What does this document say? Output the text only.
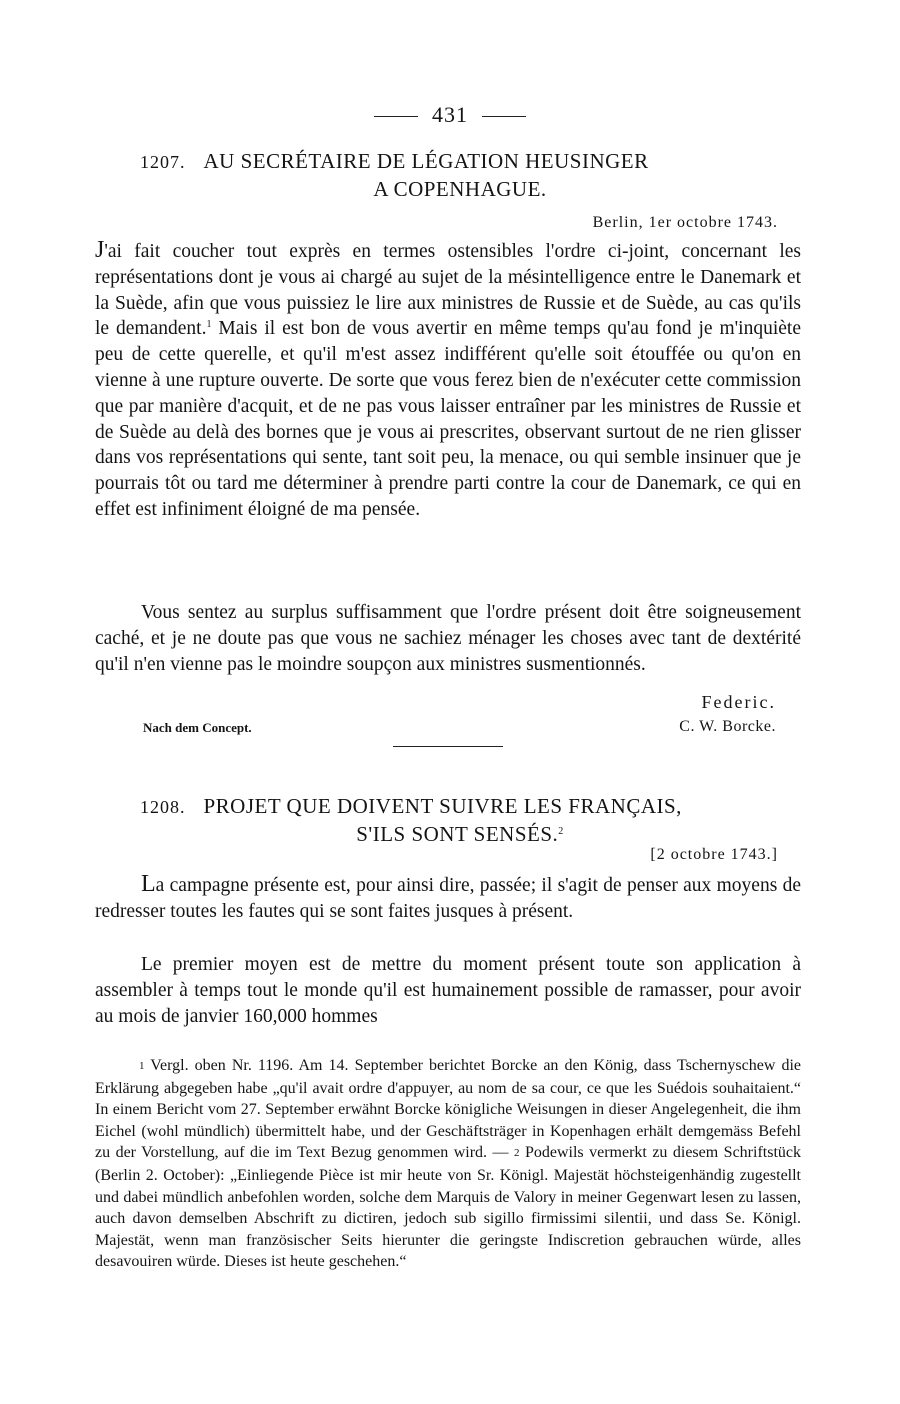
431
1207. AU SECRÉTAIRE DE LÉGATION HEUSINGER
A COPENHAGUE.
Berlin, 1er octobre 1743.

J'ai fait coucher tout exprès en termes ostensibles l'ordre ci-joint, concernant les représentations dont je vous ai chargé au sujet de la mésintelligence entre le Danemark et la Suède, afin que vous puissiez le lire aux ministres de Russie et de Suède, au cas qu'ils le demandent.$^1$ Mais il est bon de vous avertir en même temps qu'au fond je m'inquiète peu de cette querelle, et qu'il m'est assez indifférent qu'elle soit étouffée ou qu'on en vienne à une rupture ouverte. De sorte que vous ferez bien de n'exécuter cette commission que par manière d'acquit, et de ne pas vous laisser entraîner par les ministres de Russie et de Suède au delà des bornes que je vous ai prescrites, observant surtout de ne rien glisser dans vos représentations qui sente, tant soit peu, la menace, ou qui semble insinuer que je pourrais tôt ou tard me déterminer à prendre parti contre la cour de Danemark, ce qui en effet est infiniment éloigné de ma pensée.

Vous sentez au surplus suffisamment que l'ordre présent doit être soigneusement caché, et je ne doute pas que vous ne sachiez ménager les choses avec tant de dextérité qu'il n'en vienne pas le moindre soupçon aux ministres susmentionnés.

Federic.
Nach dem Concept.	C. W. Borcke.
1208. PROJET QUE DOIVENT SUIVRE LES FRANÇAIS,
S'ILS SONT SENSÉS.$^2$
[2 octobre 1743.]

La campagne présente est, pour ainsi dire, passée; il s'agit de penser aux moyens de redresser toutes les fautes qui se sont faites jusques à présent.

Le premier moyen est de mettre du moment présent toute son application à assembler à temps tout le monde qu'il est humainement possible de ramasser, pour avoir au mois de janvier 160,000 hommes

1 Vergl. oben Nr. 1196. Am 14. September berichtet Borcke an den König, dass Tschernyschew die Erklärung abgegeben habe „qu'il avait ordre d'appuyer, au nom de sa cour, ce que les Suédois souhaitaient.“ In einem Bericht vom 27. September erwähnt Borcke königliche Weisungen in dieser Angelegenheit, die ihm Eichel (wohl mündlich) übermittelt habe, und der Geschäftsträger in Kopenhagen erhält demgemäss Befehl zu der Vorstellung, auf die im Text Bezug genommen wird. — 2 Podewils vermerkt zu diesem Schriftstück (Berlin 2. October): „Einliegende Pièce ist mir heute von Sr. Königl. Majestät höchsteigenhändig zugestellt und dabei mündlich anbefohlen worden, solche dem Marquis de Valory in meiner Gegenwart lesen zu lassen, auch davon demselben Abschrift zu dictiren, jedoch sub sigillo firmissimi silentii, und dass Se. Königl. Majestät, wenn man französischer Seits hierunter die geringste Indiscretion gebrauchen würde, alles desavouiren würde. Dieses ist heute geschehen.“
